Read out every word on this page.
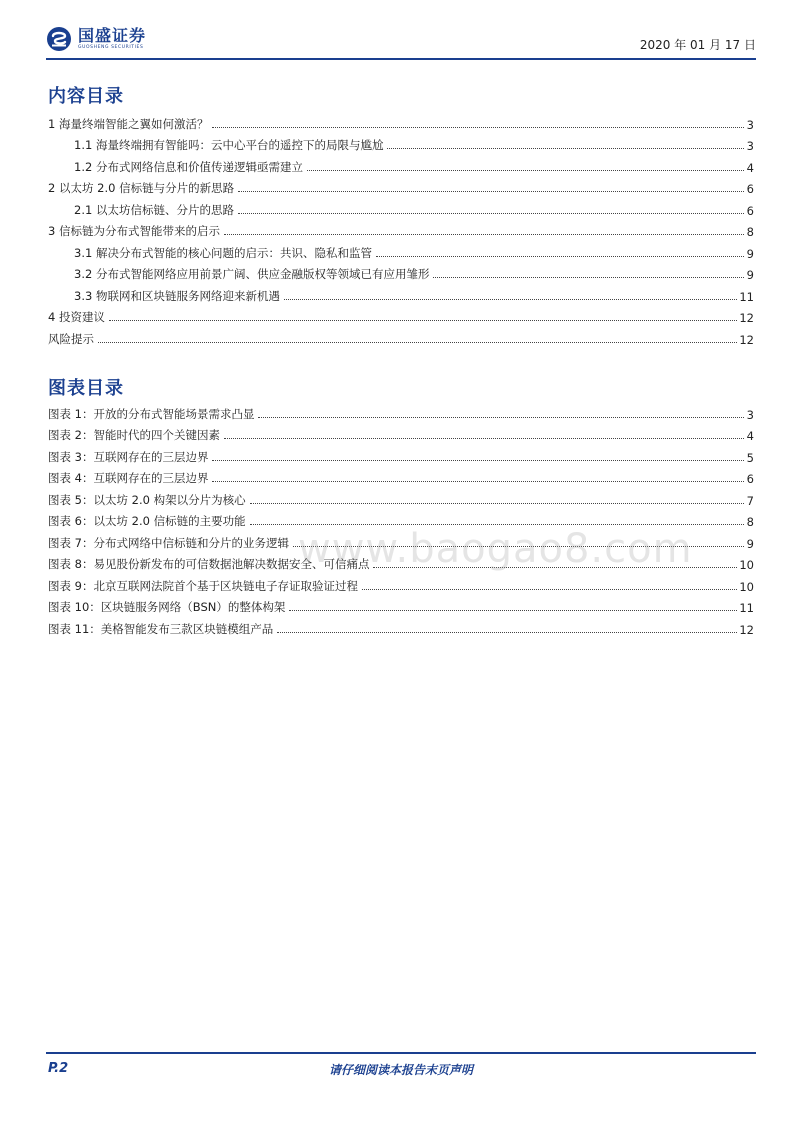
国盛证券
GUOSHENG SECURITIES	2020 年 01 月 17 日
内容目录
1 海量终端智能之翼如何激活？	3
1.1 海量终端拥有智能吗：云中心平台的遥控下的局限与尴尬	3
1.2 分布式网络信息和价值传递逻辑亟需建立	4
2 以太坊 2.0 信标链与分片的新思路	6
2.1 以太坊信标链、分片的思路	6
3 信标链为分布式智能带来的启示	8
3.1 解决分布式智能的核心问题的启示：共识、隐私和监管	9
3.2 分布式智能网络应用前景广阔、供应金融版权等领域已有应用雏形	9
3.3 物联网和区块链服务网络迎来新机遇	11
4 投资建议	12
风险提示	12
图表目录
图表 1：开放的分布式智能场景需求凸显	3
图表 2：智能时代的四个关键因素	4
图表 3：互联网存在的三层边界	5
图表 4：互联网存在的三层边界	6
图表 5：以太坊 2.0 构架以分片为核心	7
图表 6：以太坊 2.0 信标链的主要功能	8
图表 7：分布式网络中信标链和分片的业务逻辑	9
图表 8：易见股份新发布的可信数据池解决数据安全、可信痛点	10
图表 9：北京互联网法院首个基于区块链电子存证取验证过程	10
图表 10：区块链服务网络（BSN）的整体构架	11
图表 11：美格智能发布三款区块链模组产品	12
www.baogao8.com
P.2	请仔细阅读本报告末页声明
